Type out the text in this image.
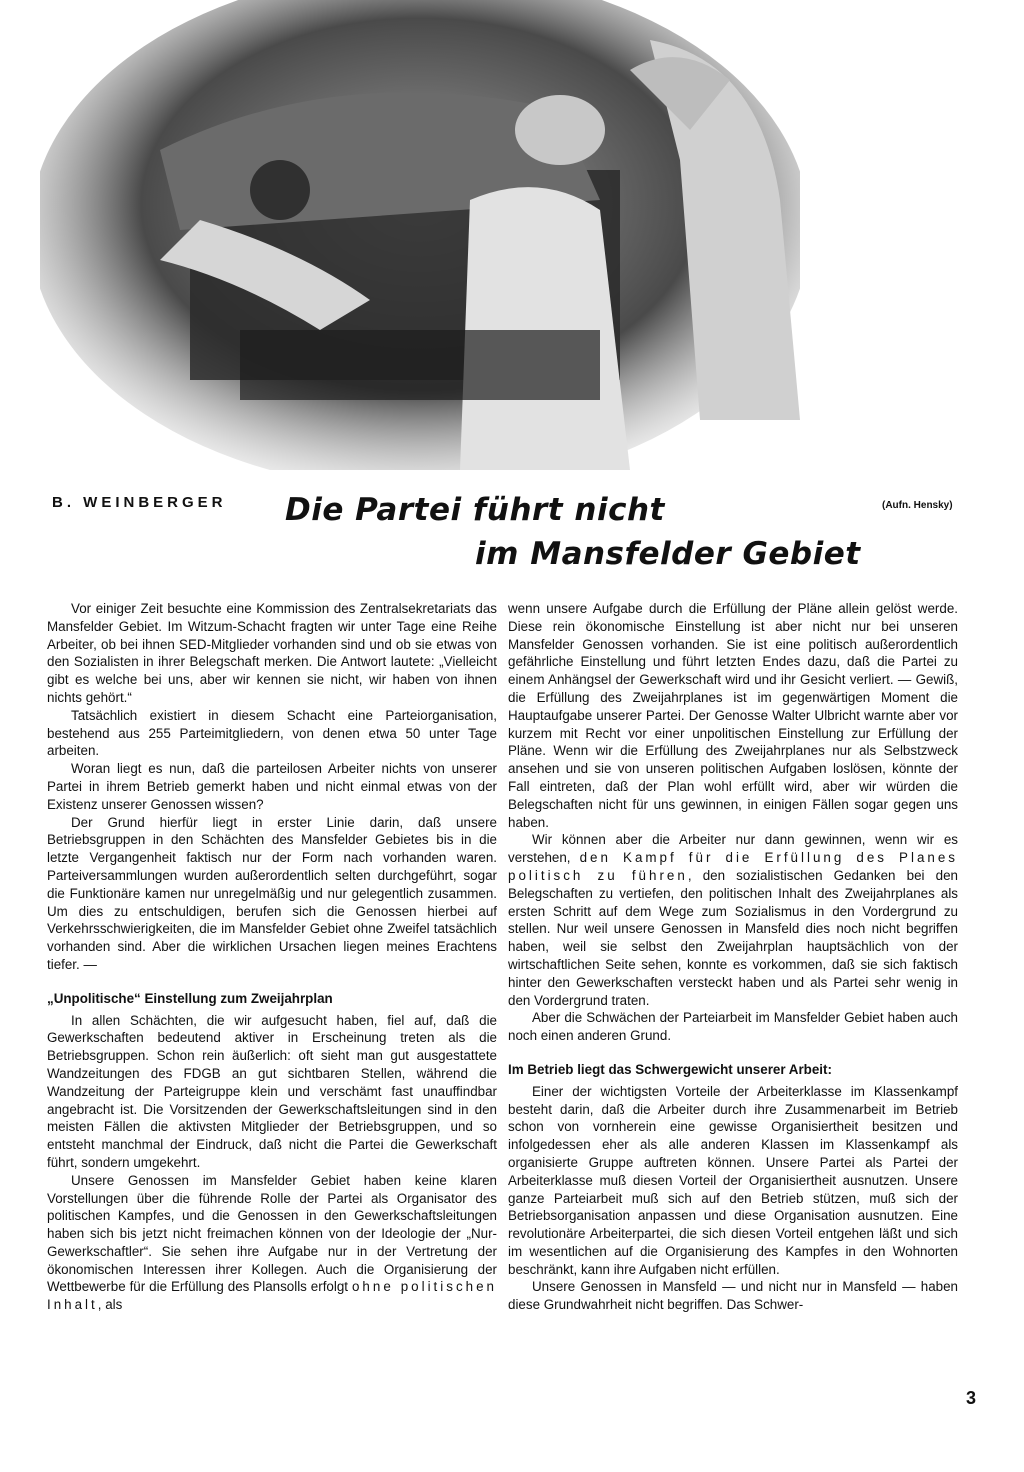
B. WEINBERGER Die Partei führt nicht
im Mansfelder Gebiet
(Aufn. Hensky)

Vor einiger Zeit besuchte eine Kommission des Zentralsekretariats das Mansfelder Gebiet. Im Witzum-Schacht fragten wir unter Tage eine Reihe Arbeiter, ob bei ihnen SED-Mitglieder vorhanden sind und ob sie etwas von den Sozialisten in ihrer Belegschaft merken. Die Antwort lautete: „Vielleicht gibt es welche bei uns, aber wir kennen sie nicht, wir haben von ihnen nichts gehört.“

Tatsächlich existiert in diesem Schacht eine Parteiorganisation, bestehend aus 255 Parteimitgliedern, von denen etwa 50 unter Tage arbeiten.

Woran liegt es nun, daß die parteilosen Arbeiter nichts von unserer Partei in ihrem Betrieb gemerkt haben und nicht einmal etwas von der Existenz unserer Genossen wissen?

Der Grund hierfür liegt in erster Linie darin, daß unsere Betriebsgruppen in den Schächten des Mansfelder Gebietes bis in die letzte Vergangenheit faktisch nur der Form nach vorhanden waren. Parteiversammlungen wurden außerordentlich selten durchgeführt, sogar die Funktionäre kamen nur unregelmäßig und nur gelegentlich zusammen. Um dies zu entschuldigen, berufen sich die Genossen hierbei auf Verkehrsschwierigkeiten, die im Mansfelder Gebiet ohne Zweifel tatsächlich vorhanden sind. Aber die wirklichen Ursachen liegen meines Erachtens tiefer. —

„Unpolitische“ Einstellung zum Zweijahrplan

In allen Schächten, die wir aufgesucht haben, fiel auf, daß die Gewerkschaften bedeutend aktiver in Erscheinung treten als die Betriebsgruppen. Schon rein äußerlich: oft sieht man gut ausgestattete Wandzeitungen des FDGB an gut sichtbaren Stellen, während die Wandzeitung der Parteigruppe klein und verschämt fast unauffindbar angebracht ist. Die Vorsitzenden der Gewerkschaftsleitungen sind in den meisten Fällen die aktivsten Mitglieder der Betriebsgruppen, und so entsteht manchmal der Eindruck, daß nicht die Partei die Gewerkschaft führt, sondern umgekehrt.

Unsere Genossen im Mansfelder Gebiet haben keine klaren Vorstellungen über die führende Rolle der Partei als Organisator des politischen Kampfes, und die Genossen in den Gewerkschaftsleitungen haben sich bis jetzt nicht freimachen können von der Ideologie der „Nur-Gewerkschaftler“. Sie sehen ihre Aufgabe nur in der Vertretung der ökonomischen Interessen ihrer Kollegen. Auch die Organisierung der Wettbewerbe für die Erfüllung des Plansolls erfolgt ohne politischen Inhalt, als

wenn unsere Aufgabe durch die Erfüllung der Pläne allein gelöst werde. Diese rein ökonomische Einstellung ist aber nicht nur bei unseren Mansfelder Genossen vorhanden. Sie ist eine politisch außerordentlich gefährliche Einstellung und führt letzten Endes dazu, daß die Partei zu einem Anhängsel der Gewerkschaft wird und ihr Gesicht verliert. — Gewiß, die Erfüllung des Zweijahrplanes ist im gegenwärtigen Moment die Hauptaufgabe unserer Partei. Der Genosse Walter Ulbricht warnte aber vor kurzem mit Recht vor einer unpolitischen Einstellung zur Erfüllung der Pläne. Wenn wir die Erfüllung des Zweijahrplanes nur als Selbstzweck ansehen und sie von unseren politischen Aufgaben loslösen, könnte der Fall eintreten, daß der Plan wohl erfüllt wird, aber wir würden die Belegschaften nicht für uns gewinnen, in einigen Fällen sogar gegen uns haben.

Wir können aber die Arbeiter nur dann gewinnen, wenn wir es verstehen, den Kampf für die Erfüllung des Planes politisch zu führen, den sozialistischen Gedanken bei den Belegschaften zu vertiefen, den politischen Inhalt des Zweijahrplanes als ersten Schritt auf dem Wege zum Sozialismus in den Vordergrund zu stellen. Nur weil unsere Genossen in Mansfeld dies noch nicht begriffen haben, weil sie selbst den Zweijahrplan hauptsächlich von der wirtschaftlichen Seite sehen, konnte es vorkommen, daß sie sich faktisch hinter den Gewerkschaften versteckt haben und als Partei sehr wenig in den Vordergrund traten.

Aber die Schwächen der Parteiarbeit im Mansfelder Gebiet haben auch noch einen anderen Grund.

Im Betrieb liegt das Schwergewicht unserer Arbeit:

Einer der wichtigsten Vorteile der Arbeiterklasse im Klassenkampf besteht darin, daß die Arbeiter durch ihre Zusammenarbeit im Betrieb schon von vornherein eine gewisse Organisiertheit besitzen und infolgedessen eher als alle anderen Klassen im Klassenkampf als organisierte Gruppe auftreten können. Unsere Partei als Partei der Arbeiterklasse muß diesen Vorteil der Organisiertheit ausnutzen. Unsere ganze Parteiarbeit muß sich auf den Betrieb stützen, muß sich der Betriebsorganisation anpassen und diese Organisation ausnutzen. Eine revolutionäre Arbeiterpartei, die sich diesen Vorteil entgehen läßt und sich im wesentlichen auf die Organisierung des Kampfes in den Wohnorten beschränkt, kann ihre Aufgaben nicht erfüllen.

Unsere Genossen in Mansfeld — und nicht nur in Mansfeld — haben diese Grundwahrheit nicht begriffen. Das Schwer-

3
